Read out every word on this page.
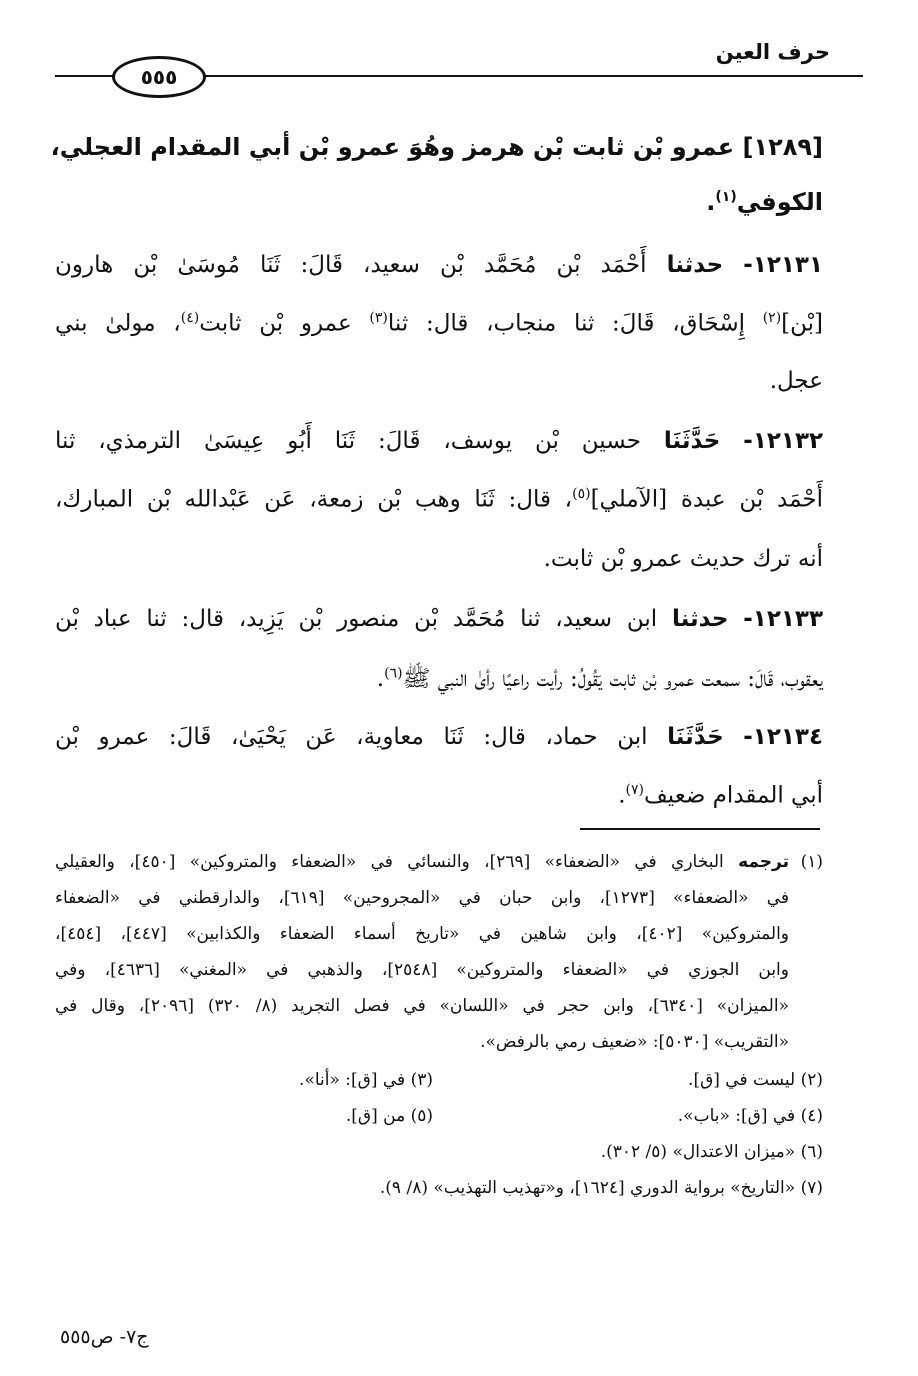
حرف العين
٥٥٥
[١٢٨٩] عمرو بْن ثابت بْن هرمز وهُوَ عمرو بْن أبي المقدام العجلي،
الكوفي$^{(١)}$.
١٢١٣١- حدثنا أَحْمَد بْن مُحَمَّد بْن سعيد، قَالَ: ثَنَا مُوسَىٰ بْن هارون
[بْن]$^{(٢)}$ إِسْحَاق، قَالَ: ثنا منجاب، قال: ثنا$^{(٣)}$ عمرو بْن ثابت$^{(٤)}$، مولىٰ بني
عجل.
١٢١٣٢- حَدَّثَنَا حسين بْن يوسف، قَالَ: ثَنَا أَبُو عِيسَىٰ الترمذي، ثنا
أَحْمَد بْن عبدة [الآملي]$^{(٥)}$، قال: ثَنَا وهب بْن زمعة، عَن عَبْدالله بْن المبارك،
أنه ترك حديث عمرو بْن ثابت.
١٢١٣٣- حدثنا ابن سعيد، ثنا مُحَمَّد بْن منصور بْن يَزِيد، قال: ثنا عباد بْن
يعقوب، قَالَ: سمعت عمرو بْن ثابت يَقُولُ: رأيت راعيًا رأىٰ النبي ﷺ$^{(٦)}$.
١٢١٣٤- حَدَّثَنَا ابن حماد، قال: ثَنَا معاوية، عَن يَحْيَىٰ، قَالَ: عمرو بْن
أبي المقدام ضعيف$^{(٧)}$.
(١)ترجمه البخاري في «الضعفاء» [٢٦٩]، والنسائي في «الضعفاء والمتروكين» [٤٥٠]، والعقيلي
في «الضعفاء» [١٢٧٣]، وابن حبان في «المجروحين» [٦١٩]، والدارقطني في «الضعفاء
والمتروكين» [٤٠٢]، وابن شاهين في «تاريخ أسماء الضعفاء والكذابين» [٤٤٧]، [٤٥٤]،
وابن الجوزي في «الضعفاء والمتروكين» [٢٥٤٨]، والذهبي في «المغني» [٤٦٣٦]، وفي
«الميزان» [٦٣٤٠]، وابن حجر في «اللسان» في فصل التجريد (٨/ ٣٢٠) [٢٠٩٦]، وقال في
«التقريب» [٥٠٣٠]: «ضعيف رمي بالرفض».
(٢) ليست في [ق].
(٣) في [ق]: «أنا».
(٤) في [ق]: «باب».
(٥) من [ق].
(٦) «ميزان الاعتدال» (٥/ ٣٠٢).
(٧) «التاريخ» برواية الدوري [١٦٢٤]، و«تهذيب التهذيب» (٨/ ٩).
ج٧- ص٥٥٥
